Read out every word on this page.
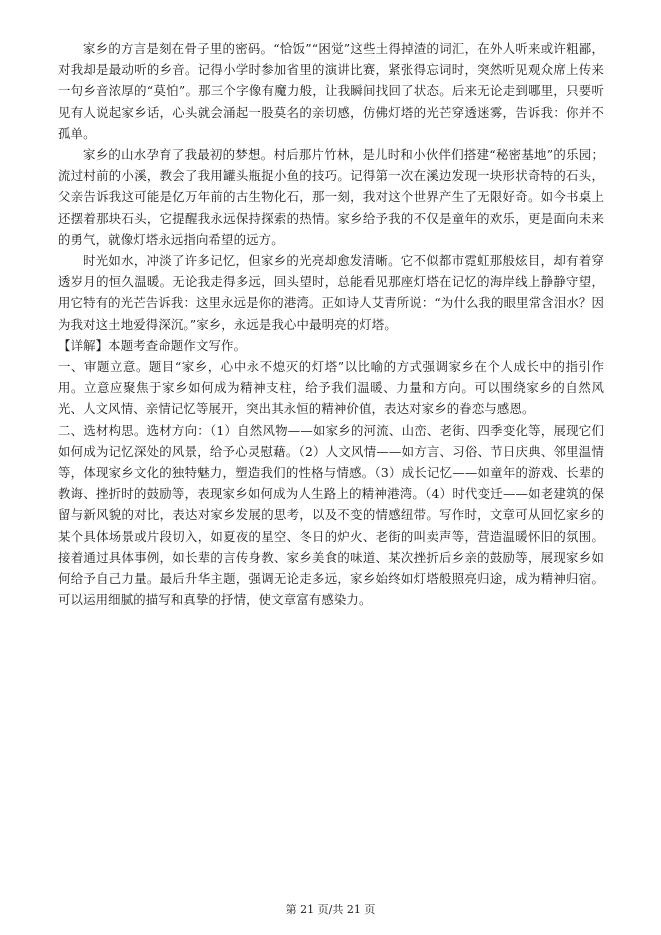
家乡的方言是刻在骨子里的密码。“恰饭”“困觉”这些土得掉渣的词汇，在外人听来或许粗鄙，对我却是最动听的乡音。记得小学时参加省里的演讲比赛，紧张得忘词时，突然听见观众席上传来一句乡音浓厚的“莫怕”。那三个字像有魔力般，让我瞬间找回了状态。后来无论走到哪里，只要听见有人说起家乡话，心头就会涌起一股莫名的亲切感，仿佛灯塔的光芒穿透迷雾，告诉我：你并不孤单。

家乡的山水孕育了我最初的梦想。村后那片竹林，是儿时和小伙伴们搭建“秘密基地”的乐园；流过村前的小溪，教会了我用罐头瓶捉小鱼的技巧。记得第一次在溪边发现一块形状奇特的石头，父亲告诉我这可能是亿万年前的古生物化石，那一刻，我对这个世界产生了无限好奇。如今书桌上还摆着那块石头，它提醒我永远保持探索的热情。家乡给予我的不仅是童年的欢乐，更是面向未来的勇气，就像灯塔永远指向希望的远方。

时光如水，冲淡了许多记忆，但家乡的光亮却愈发清晰。它不似都市霓虹那般炫目，却有着穿透岁月的恒久温暖。无论我走得多远，回头望时，总能看见那座灯塔在记忆的海岸线上静静守望，用它特有的光芒告诉我：这里永远是你的港湾。正如诗人艾青所说：“为什么我的眼里常含泪水？因为我对这土地爱得深沉。”家乡，永远是我心中最明亮的灯塔。

【详解】本题考查命题作文写作。

一、审题立意。题目“家乡，心中永不熄灭的灯塔”以比喻的方式强调家乡在个人成长中的指引作用。立意应聚焦于家乡如何成为精神支柱，给予我们温暖、力量和方向。可以围绕家乡的自然风光、人文风情、亲情记忆等展开，突出其永恒的精神价值，表达对家乡的眷恋与感恩。

二、选材构思。选材方向：（1）自然风物——如家乡的河流、山峦、老街、四季变化等，展现它们如何成为记忆深处的风景，给予心灵慰藉。（2）人文风情——如方言、习俗、节日庆典、邻里温情等，体现家乡文化的独特魅力，塑造我们的性格与情感。（3）成长记忆——如童年的游戏、长辈的教诲、挫折时的鼓励等，表现家乡如何成为人生路上的精神港湾。（4）时代变迁——如老建筑的保留与新风貌的对比，表达对家乡发展的思考，以及不变的情感纽带。写作时，文章可从回忆家乡的某个具体场景或片段切入，如夏夜的星空、冬日的炉火、老街的叫卖声等，营造温暖怀旧的氛围。接着通过具体事例，如长辈的言传身教、家乡美食的味道、某次挫折后乡亲的鼓励等，展现家乡如何给予自己力量。最后升华主题，强调无论走多远，家乡始终如灯塔般照亮归途，成为精神归宿。可以运用细腻的描写和真挚的抒情，使文章富有感染力。

第 21 页/共 21 页
